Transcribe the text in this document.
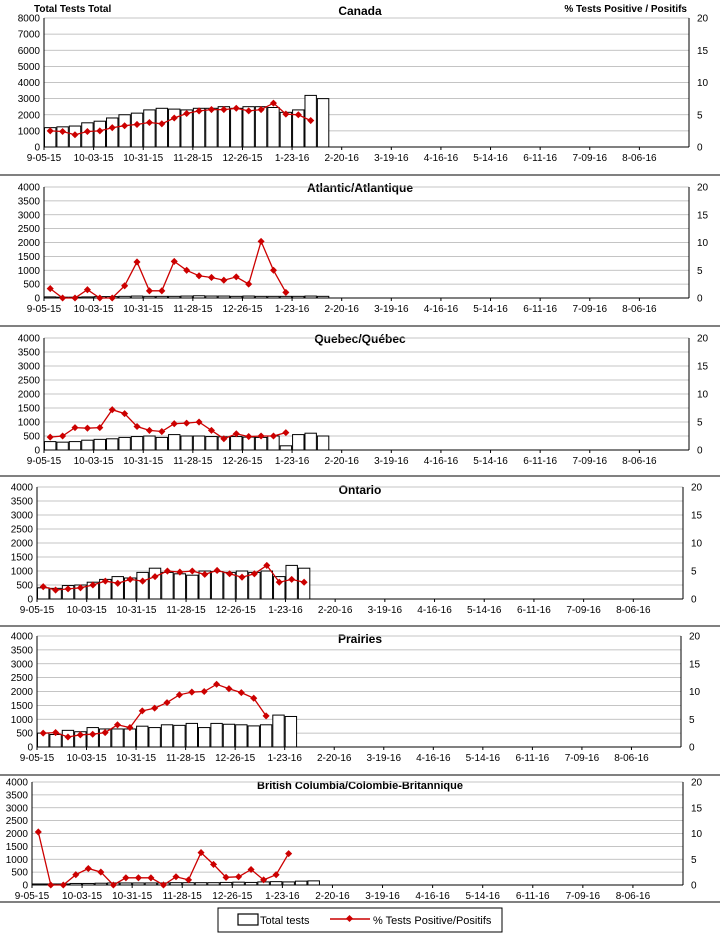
Total Tests Total	% Tests Positive / Positifs
Canada
0
1000
2000
3000
4000
5000
6000
7000
8000
0
5
10
15
20
9-05-15 10-03-15 10-31-15 11-28-15 12-26-15 1-23-16 2-20-16 3-19-16 4-16-16 5-14-16 6-11-16 7-09-16 8-06-16
Atlantic/Atlantique
0
500
1000
1500
2000
2500
3000
3500
4000
0
5
10
15
20
9-05-15 10-03-15 10-31-15 11-28-15 12-26-15 1-23-16 2-20-16 3-19-16 4-16-16 5-14-16 6-11-16 7-09-16 8-06-16
Quebec/Québec
0
500
1000
1500
2000
2500
3000
3500
4000
0
5
10
15
20
9-05-15 10-03-15 10-31-15 11-28-15 12-26-15 1-23-16 2-20-16 3-19-16 4-16-16 5-14-16 6-11-16 7-09-16 8-06-16
Ontario
0
500
1000
1500
2000
2500
3000
3500
4000
0
5
10
15
20
9-05-15 10-03-15 10-31-15 11-28-15 12-26-15 1-23-16 2-20-16 3-19-16 4-16-16 5-14-16 6-11-16 7-09-16 8-06-16
Prairies
0
500
1000
1500
2000
2500
3000
3500
4000
0
5
10
15
20
9-05-15 10-03-15 10-31-15 11-28-15 12-26-15 1-23-16 2-20-16 3-19-16 4-16-16 5-14-16 6-11-16 7-09-16 8-06-16
British Columbia/Colombie-Britannique
0
500
1000
1500
2000
2500
3000
3500
4000
0
5
10
15
20
9-05-15 10-03-15 10-31-15 11-28-15 12-26-15 1-23-16 2-20-16 3-19-16 4-16-16 5-14-16 6-11-16 7-09-16 8-06-16
Total tests	% Tests Positive/Positifs
